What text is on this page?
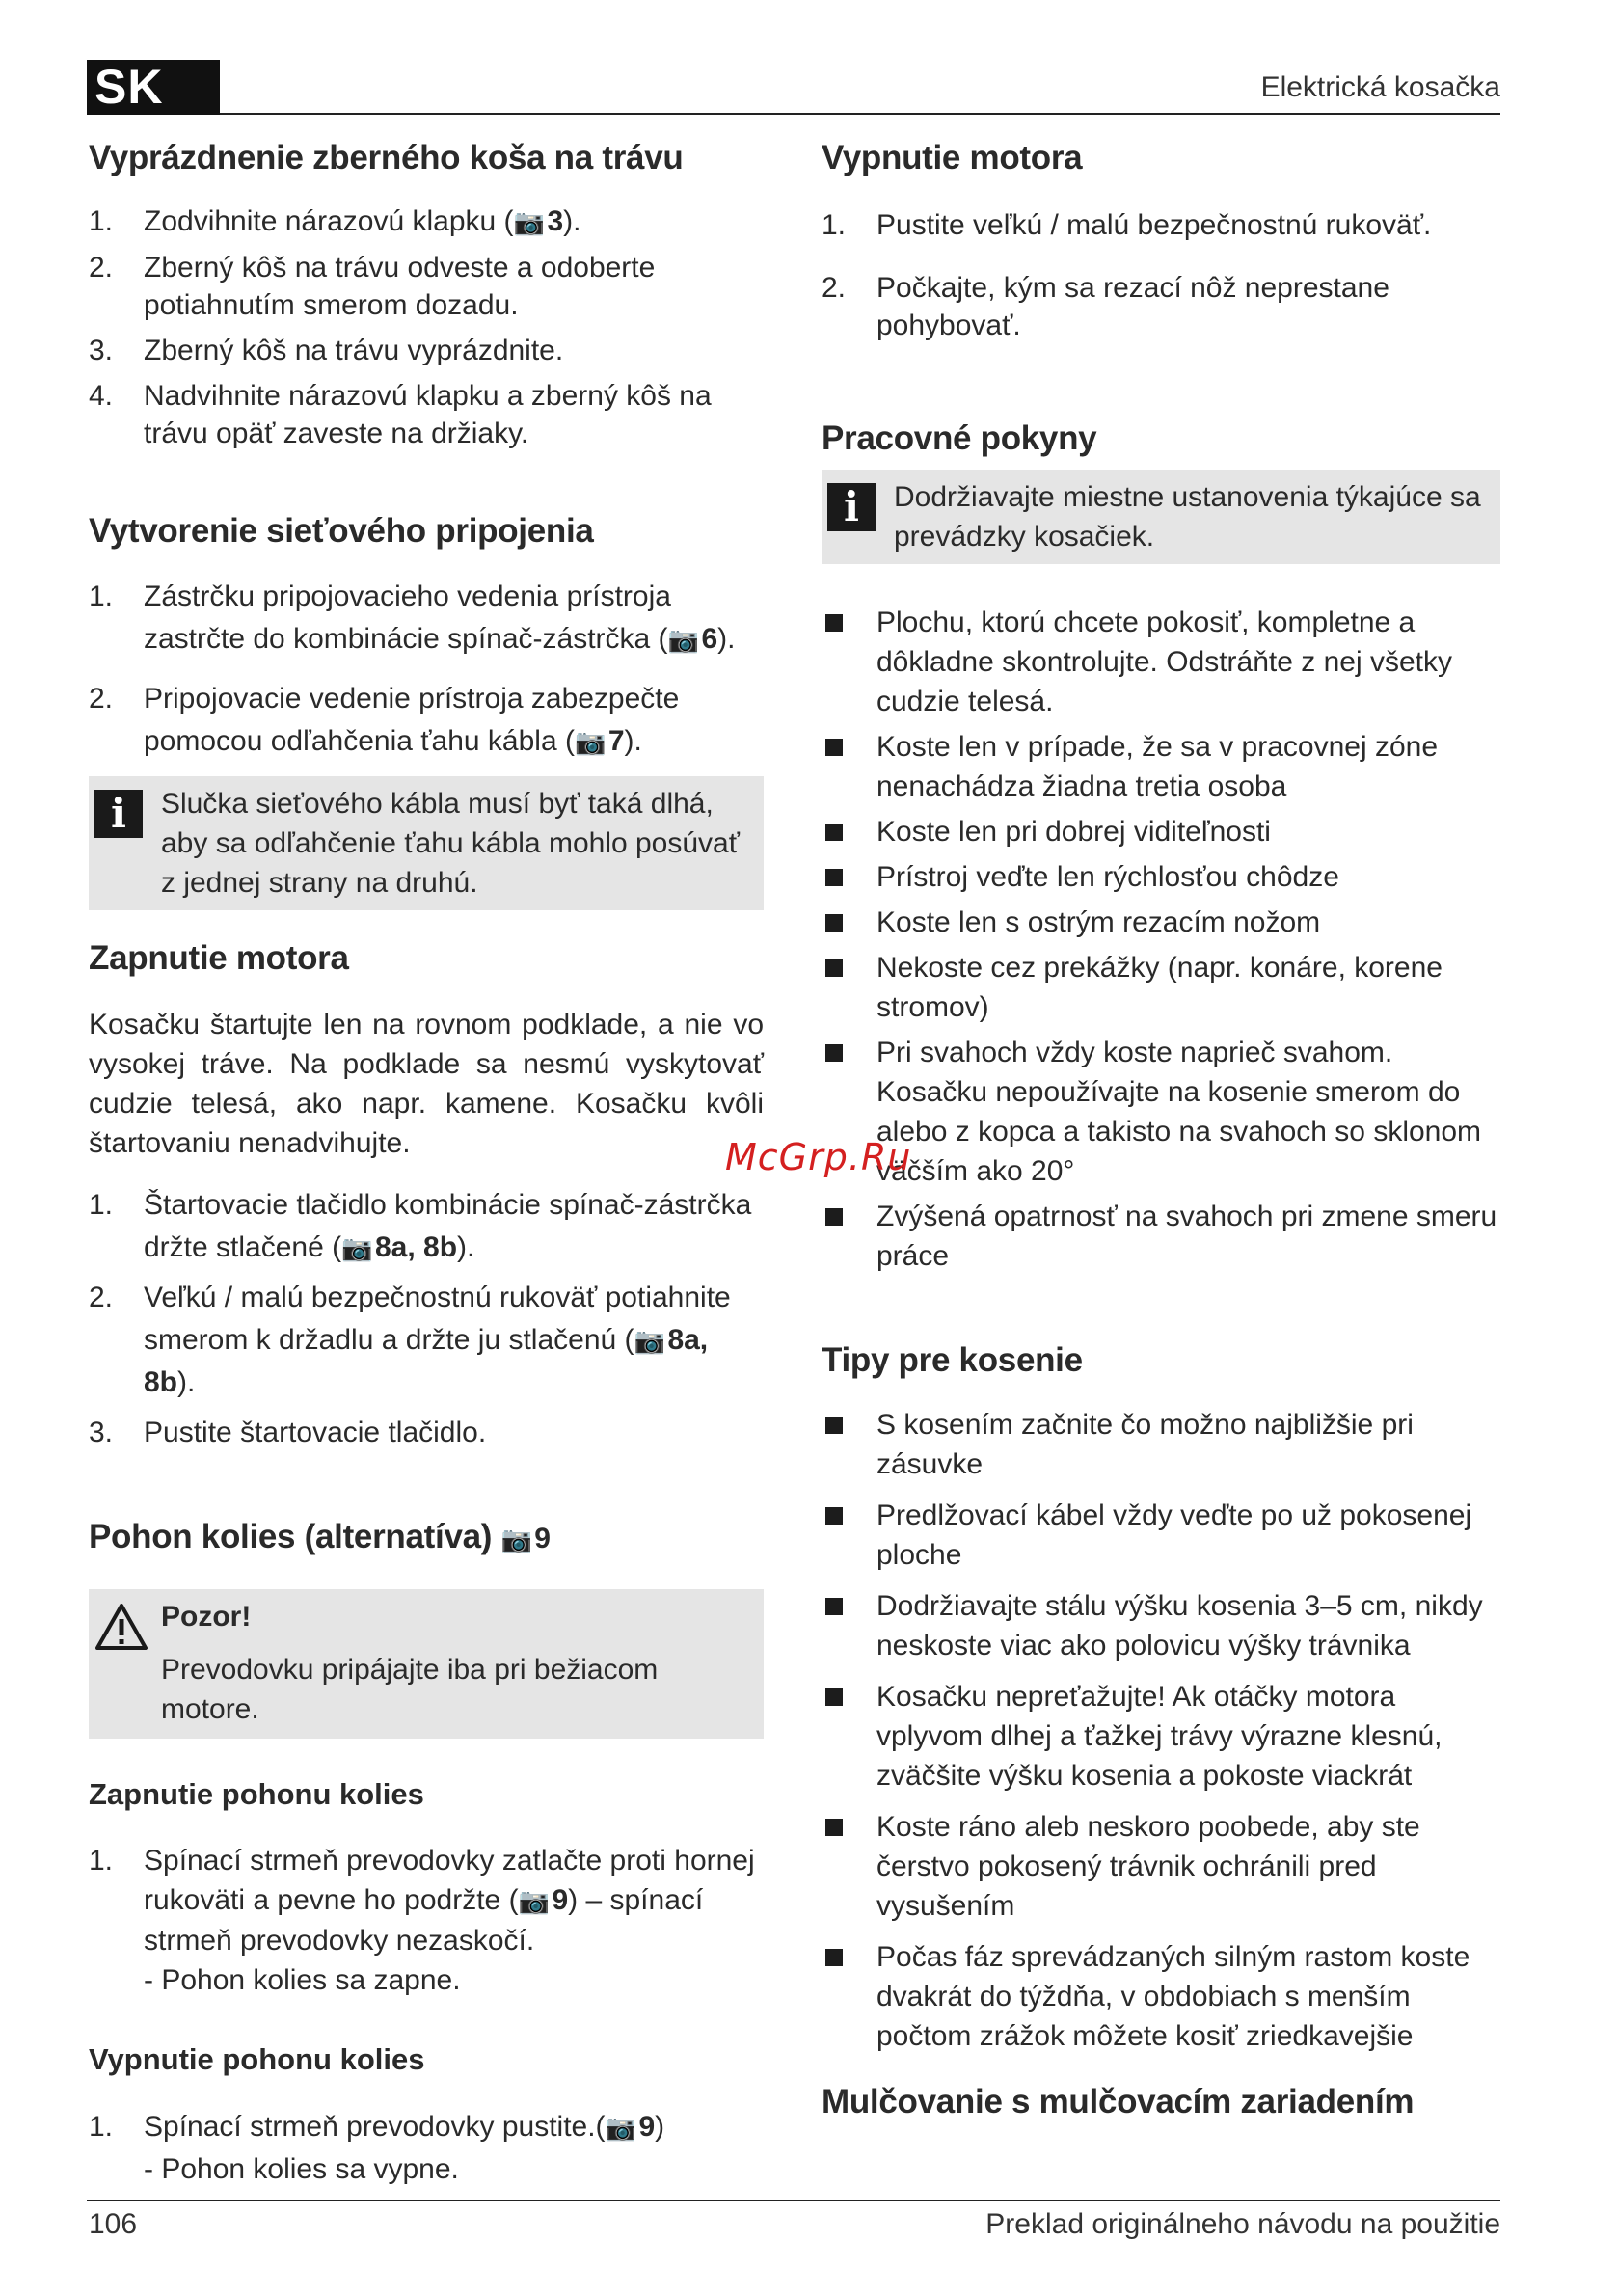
SK	Elektrická kosačka
Vyprázdnenie zberného koša na trávu
1. Zodvihnite nárazovú klapku (📷 3).
2. Zberný kôš na trávu odveste a odoberte potiahnutím smerom dozadu.
3. Zberný kôš na trávu vyprázdnite.
4. Nadvihnite nárazovú klapku a zberný kôš na trávu opäť zaveste na držiaky.
Vytvorenie sieťového pripojenia
1. Zástrčku pripojovacieho vedenia prístroja zastrčte do kombinácie spínač-zástrčka (📷 6).
2. Pripojovacie vedenie prístroja zabezpečte pomocou odľahčenia ťahu kábla (📷 7).
i	Slučka sieťového kábla musí byť taká dlhá, aby sa odľahčenie ťahu kábla mohlo posúvať z jednej strany na druhú.
Zapnutie motora

Kosačku štartujte len na rovnom podklade, a nie vo vysokej tráve. Na podklade sa nesmú vyskytovať cudzie telesá, ako napr. kamene. Kosačku kvôli štartovaniu nenadvihujte.

1. Štartovacie tlačidlo kombinácie spínač-zástrčka držte stlačené (📷 8a, 8b).
2. Veľkú / malú bezpečnostnú rukoväť potiahnite smerom k držadlu a držte ju stlačenú (📷 8a, 8b).
3. Pustite štartovacie tlačidlo.
Pohon kolies (alternatíva) 📷 9
Pozor!
Prevodovku pripájajte iba pri bežiacom motore.
Zapnutie pohonu kolies
1. Spínací strmeň prevodovky zatlačte proti hornej rukoväti a pevne ho podržte (📷 9) – spínací strmeň prevodovky nezaskočí.
- Pohon kolies sa zapne.
Vypnutie pohonu kolies
1. Spínací strmeň prevodovky pustite.(📷 9)
- Pohon kolies sa vypne.
Vypnutie motora
1. Pustite veľkú / malú bezpečnostnú rukoväť.
2. Počkajte, kým sa rezací nôž neprestane pohybovať.
Pracovné pokyny
i	Dodržiavajte miestne ustanovenia týkajúce sa prevádzky kosačiek.
Plochu, ktorú chcete pokosiť, kompletne a dôkladne skontrolujte. Odstráňte z nej všetky cudzie telesá.
Koste len v prípade, že sa v pracovnej zóne nenachádza žiadna tretia osoba
Koste len pri dobrej viditeľnosti
Prístroj veďte len rýchlosťou chôdze
Koste len s ostrým rezacím nožom
Nekoste cez prekážky (napr. konáre, korene stromov)
Pri svahoch vždy koste naprieč svahom. Kosačku nepoužívajte na kosenie smerom do alebo z kopca a takisto na svahoch so sklonom väčším ako 20°
Zvýšená opatrnosť na svahoch pri zmene smeru práce
Tipy pre kosenie
S kosením začnite čo možno najbližšie pri zásuvke
Predlžovací kábel vždy veďte po už pokosenej ploche
Dodržiavajte stálu výšku kosenia 3–5 cm, nikdy neskoste viac ako polovicu výšky trávnika
Kosačku nepreťažujte! Ak otáčky motora vplyvom dlhej a ťažkej trávy výrazne klesnú, zväčšite výšku kosenia a pokoste viackrát
Koste ráno aleb neskoro poobede, aby ste čerstvo pokosený trávnik ochránili pred vysušením
Počas fáz sprevádzaných silným rastom koste dvakrát do týždňa, v obdobiach s menším počtom zrážok môžete kosiť zriedkavejšie
Mulčovanie s mulčovacím zariadením
McGrp.Ru
106	Preklad originálneho návodu na použitie
